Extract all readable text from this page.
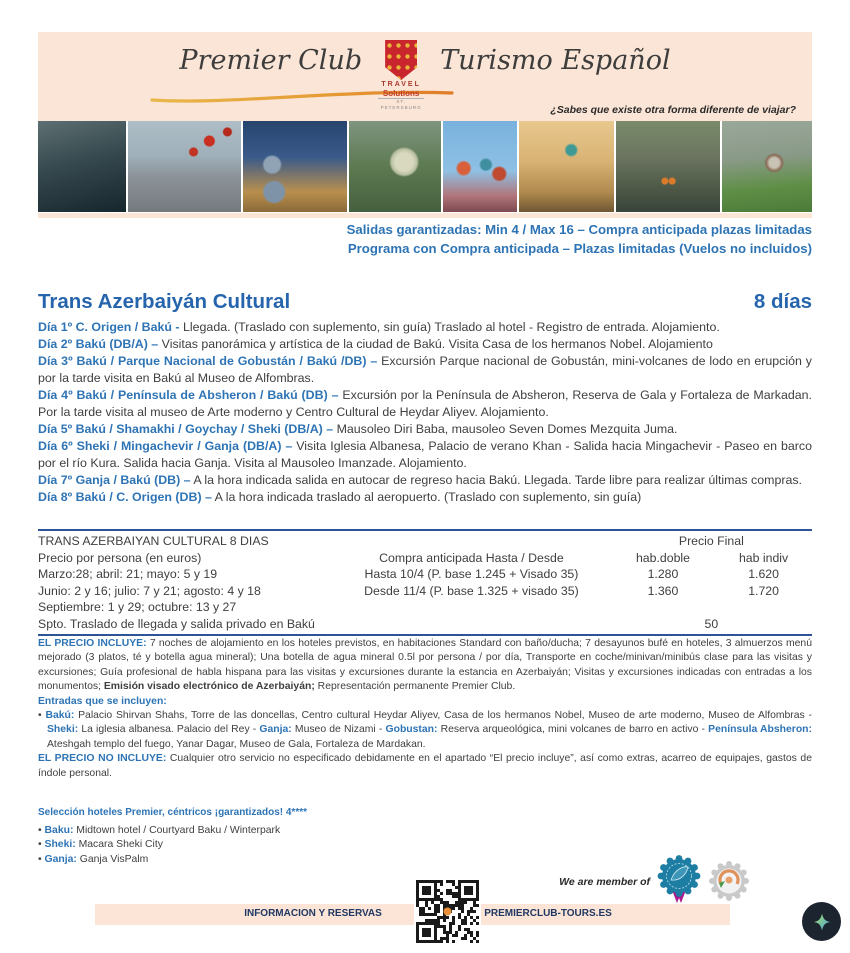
Premier Club
TRAVEL
Solutions
ST. PETERSBURG
Turismo Español
¿Sabes que existe otra forma diferente de viajar?
Salidas garantizadas: Min 4 / Max 16 – Compra anticipada plazas limitadas
Programa con Compra anticipada – Plazas limitadas (Vuelos no incluidos)
Trans Azerbaiyán Cultural	8 días

Día 1º C. Origen / Bakú - Llegada. (Traslado con suplemento, sin guía) Traslado al hotel - Registro de entrada. Alojamiento.

Día 2º Bakú (DB/A) – Visitas panorámica y artística de la ciudad de Bakú. Visita Casa de los hermanos Nobel. Alojamiento

Día 3º Bakú / Parque Nacional de Gobustán / Bakú /DB) – Excursión Parque nacional de Gobustán, mini-volcanes de lodo en erupción y por la tarde visita en Bakú al Museo de Alfombras.

Día 4º Bakú / Península de Absheron / Bakú (DB) – Excursión por la Península de Absheron, Reserva de Gala y Fortaleza de Markadan. Por la tarde visita al museo de Arte moderno y Centro Cultural de Heydar Aliyev. Alojamiento.

Día 5º Bakú / Shamakhi / Goychay / Sheki (DB/A) – Mausoleo Diri Baba, mausoleo Seven Domes Mezquita Juma.

Día 6º Sheki / Mingachevir / Ganja (DB/A) – Visita Iglesia Albanesa, Palacio de verano Khan - Salida hacia Mingachevir - Paseo en barco por el río Kura. Salida hacia Ganja. Visita al Mausoleo Imanzade. Alojamiento.

Día 7º Ganja / Bakú (DB) – A la hora indicada salida en autocar de regreso hacia Bakú. Llegada. Tarde libre para realizar últimas compras.

Día 8º Bakú / C. Origen (DB) – A la hora indicada traslado al aeropuerto. (Traslado con suplemento, sin guía)

TRANS AZERBAIYAN CULTURAL 8 DIAS	Precio Final
Precio por persona (en euros)	Compra anticipada Hasta / Desde	hab.doble	hab indiv
Marzo:28; abril: 21; mayo: 5 y 19	Hasta 10/4 (P. base 1.245 + Visado 35)	1.280	1.620
Junio: 2 y 16; julio: 7 y 21; agosto: 4 y 18	Desde 11/4 (P. base 1.325 + visado 35)	1.360	1.720
Septiembre: 1 y 29; octubre: 13 y 27
Spto. Traslado de llegada y salida privado en Bakú	50

EL PRECIO INCLUYE: 7 noches de alojamiento en los hoteles previstos, en habitaciones Standard con baño/ducha; 7 desayunos bufé en hoteles, 3 almuerzos menú mejorado (3 platos, té y botella agua mineral); Una botella de agua mineral 0.5l por persona / por día, Transporte en coche/minivan/minibús clase para las visitas y excursiones; Guía profesional de habla hispana para las visitas y excursiones durante la estancia en Azerbaiyán; Visitas y excursiones indicadas con entradas a los monumentos; Emisión visado electrónico de Azerbaiyán; Representación permanente Premier Club.

Entradas que se incluyen:

• Bakú: Palacio Shirvan Shahs, Torre de las doncellas, Centro cultural Heydar Aliyev, Casa de los hermanos Nobel, Museo de arte moderno, Museo de Alfombras - Sheki: La iglesia albanesa. Palacio del Rey - Ganja: Museo de Nizami - Gobustan: Reserva arqueológica, mini volcanes de barro en activo - Península Absheron: Ateshgah templo del fuego, Yanar Dagar, Museo de Gala, Fortaleza de Mardakan.

EL PRECIO NO INCLUYE: Cualquier otro servicio no especificado debidamente en el apartado “El precio incluye”, así como extras, acarreo de equipajes, gastos de índole personal.

Selección hoteles Premier, céntricos ¡garantizados! 4****

• Baku: Midtown hotel / Courtyard Baku / Winterpark

• Sheki: Macara Sheki City

• Ganja: Ganja VisPalm

We are member of
INFORMACION Y RESERVAS	PREMIERCLUB-TOURS.ES
